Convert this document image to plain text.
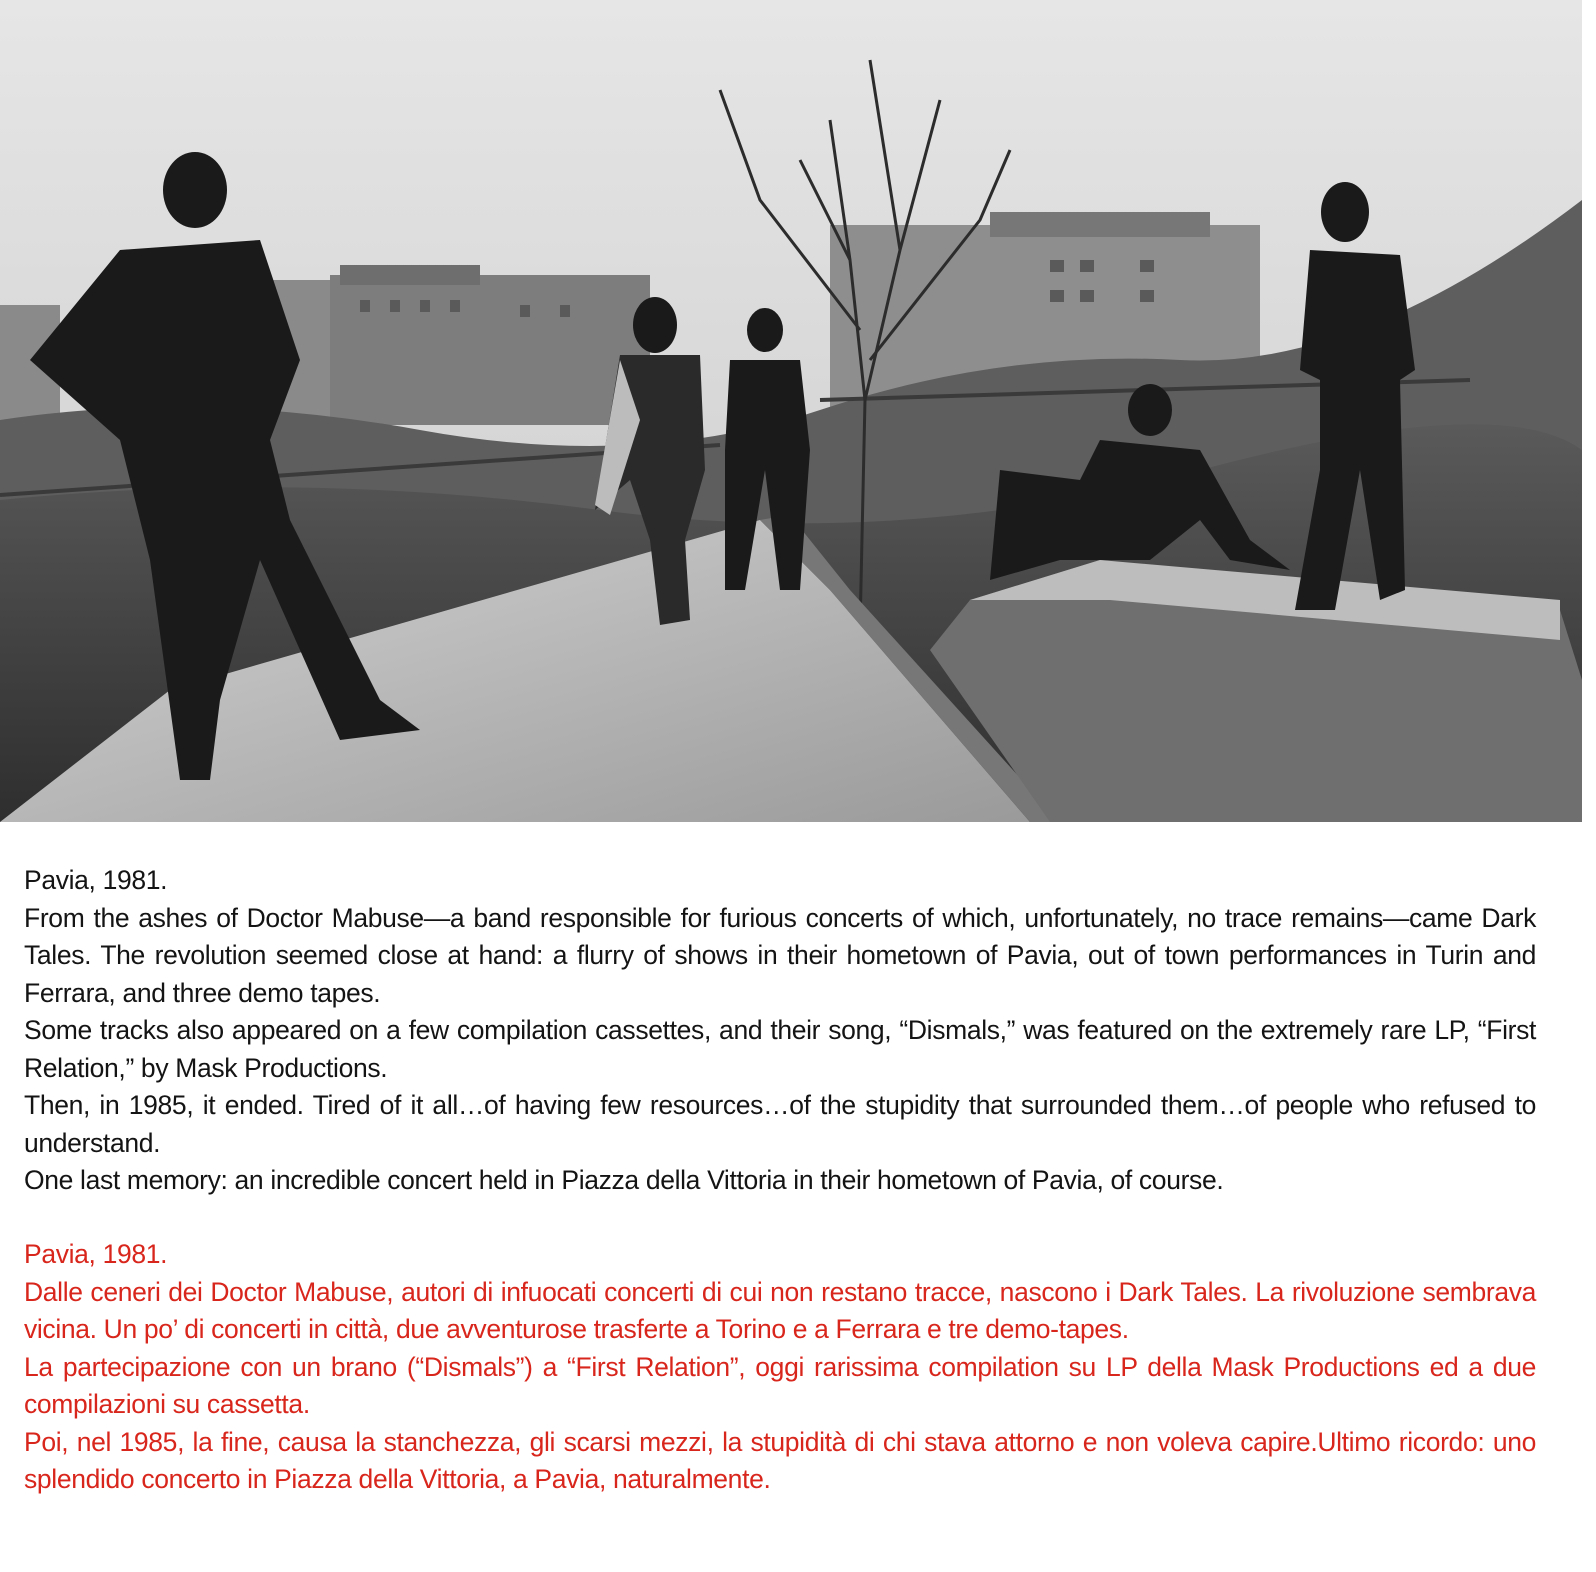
Pavia, 1981.

From the ashes of Doctor Mabuse—a band responsible for furious concerts of which, unfortunately, no trace remains—came Dark Tales. The revolution seemed close at hand: a flurry of shows in their hometown of Pavia, out of town performances in Turin and Ferrara, and three demo tapes.

Some tracks also appeared on a few compilation cassettes, and their song, “Dismals,” was featured on the extremely rare LP, “First Relation,” by Mask Productions.

Then, in 1985, it ended. Tired of it all…of having few resources…of the stupidity that surrounded them…of people who refused to understand.

One last memory: an incredible concert held in Piazza della Vittoria in their hometown of Pavia, of course.

Pavia, 1981.

Dalle ceneri dei Doctor Mabuse, autori di infuocati concerti di cui non restano tracce, nascono i Dark Tales. La rivoluzione sembrava vicina. Un po’ di concerti in città, due avventurose trasferte a Torino e a Ferrara e tre demo-tapes.

La partecipazione con un brano (“Dismals”) a “First Relation”, oggi rarissima compilation su LP della Mask Productions ed a due compilazioni su cassetta.

Poi, nel 1985, la fine, causa la stanchezza, gli scarsi mezzi, la stupidità di chi stava attorno e non voleva capire.Ultimo ricordo: uno splendido concerto in Piazza della Vittoria, a Pavia, naturalmente.
